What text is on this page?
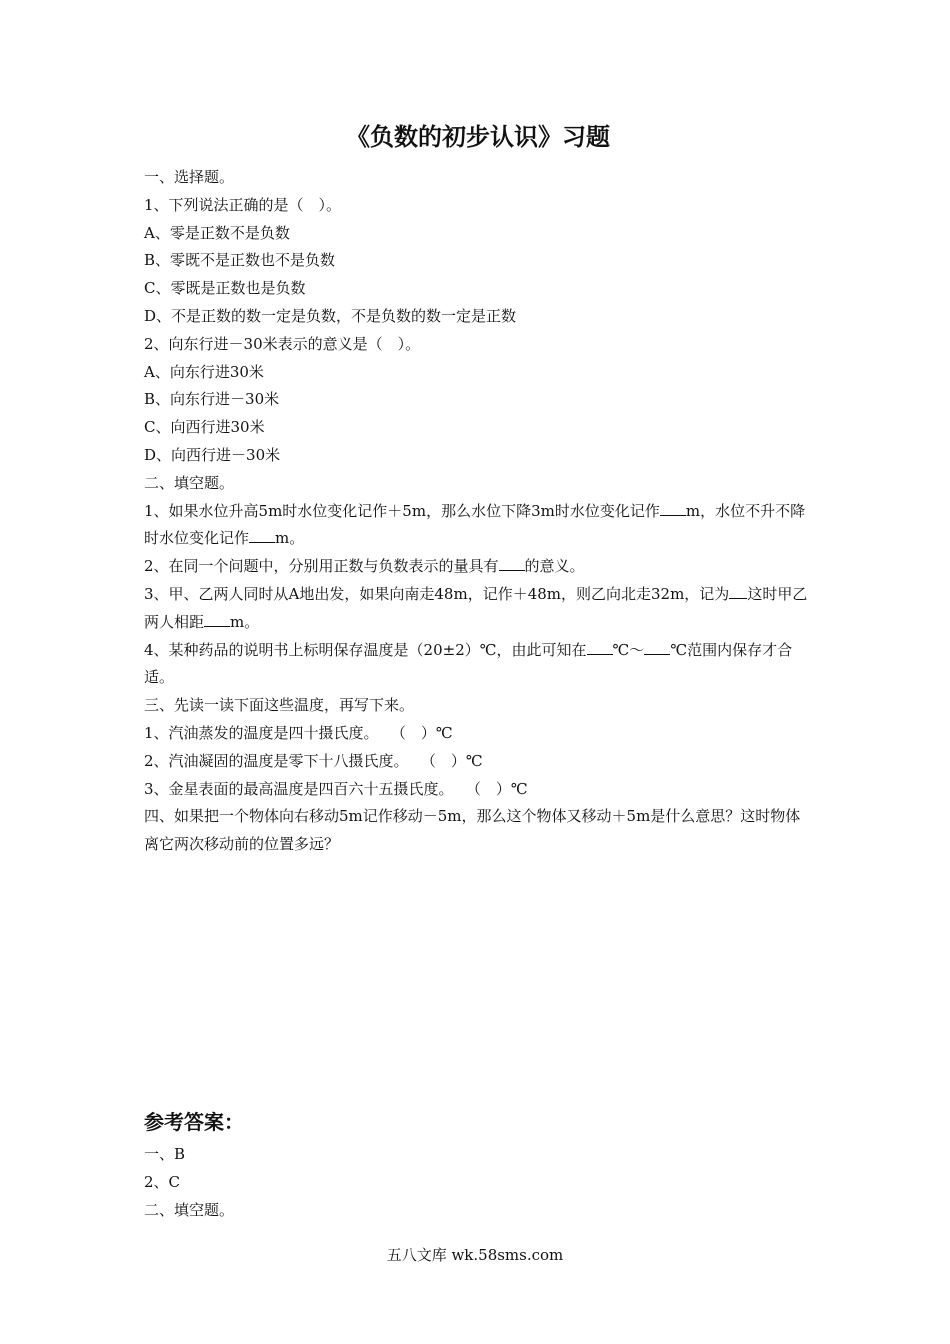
《负数的初步认识》习题
一、选择题。
1、下列说法正确的是（　）。
A、零是正数不是负数
B、零既不是正数也不是负数
C、零既是正数也是负数
D、不是正数的数一定是负数，不是负数的数一定是正数
2、向东行进－30米表示的意义是（　）。
A、向东行进30米
B、向东行进－30米
C、向西行进30米
D、向西行进－30米
二、填空题。
1、如果水位升高5m时水位变化记作＋5m，那么水位下降3m时水位变化记作 m，水位不升不降时水位变化记作 m。
2、在同一个问题中，分别用正数与负数表示的量具有 的意义。
3、甲、乙两人同时从A地出发，如果向南走48m，记作＋48m，则乙向北走32m，记为 这时甲乙两人相距 m。
4、某种药品的说明书上标明保存温度是（20±2）℃，由此可知在 ℃～ ℃范围内保存才合适。
三、先读一读下面这些温度，再写下来。
1、汽油蒸发的温度是四十摄氏度。　 （　）℃
2、汽油凝固的温度是零下十八摄氏度。　 （　）℃
3、金星表面的最高温度是四百六十五摄氏度。　 （　）℃
四、如果把一个物体向右移动5m记作移动－5m，那么这个物体又移动＋5m是什么意思？这时物体离它两次移动前的位置多远？
参考答案：
一、B
2、C
二、填空题。
五八文库 wk.58sms.com
